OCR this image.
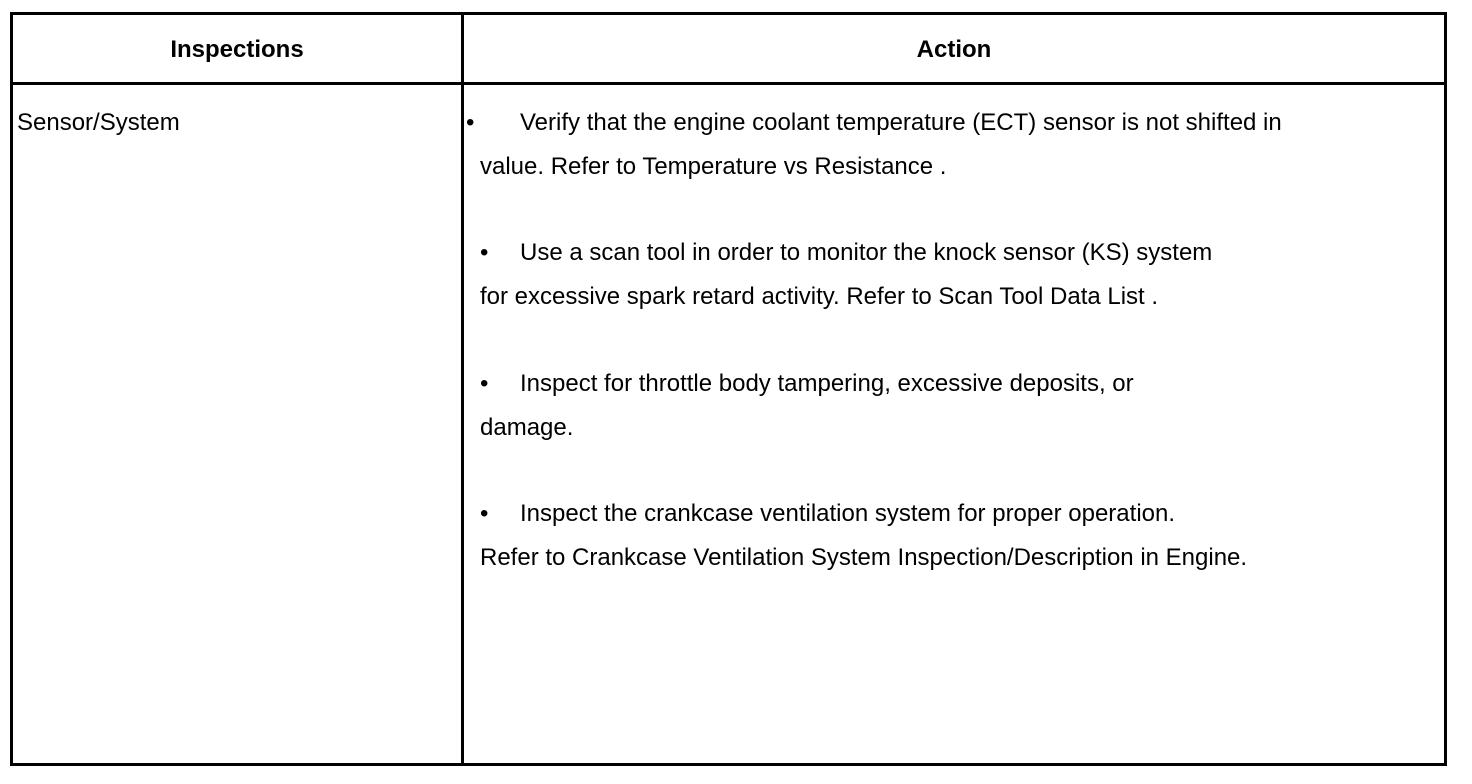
Inspections	Action
Sensor/System	• Verify that the engine coolant temperature (ECT) sensor is not shifted in
value. Refer to Temperature vs Resistance .
• Use a scan tool in order to monitor the knock sensor (KS) system
for excessive spark retard activity. Refer to Scan Tool Data List .
• Inspect for throttle body tampering, excessive deposits, or
damage.
• Inspect the crankcase ventilation system for proper operation.
Refer to Crankcase Ventilation System Inspection/Description in Engine.
